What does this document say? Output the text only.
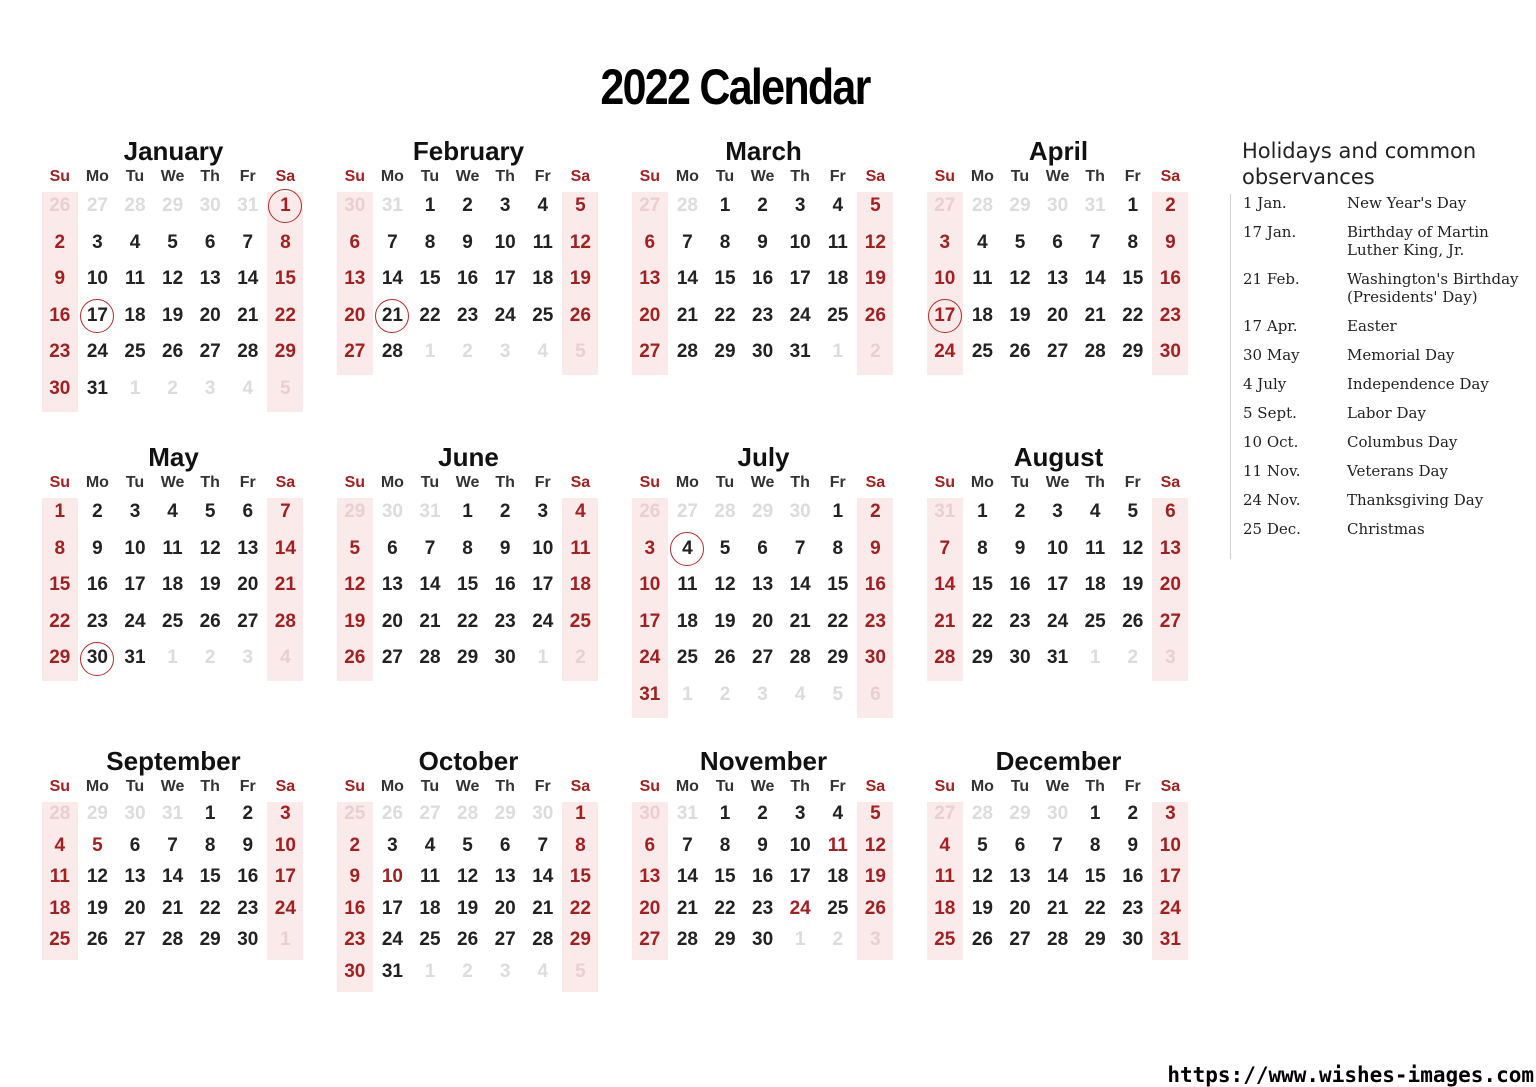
2022 Calendar
January
Su Mo	Tu	We Th	Fr	Sa
26 27 28 29 30 31	1
2	3	4	5	6	7	8
9	10 11 12 13 14 15
16 17 18 19 20 21 22
23 24 25 26 27 28 29
30 31	1	2	3	4	5
February
Su Mo	Tu	We Th	Fr	Sa
30 31	1	2	3	4	5
6	7	8	9	10 11 12
13 14 15 16 17 18 19
20 21 22 23 24 25 26
27 28	1	2	3	4	5
March
Su Mo	Tu	We Th	Fr	Sa
27 28	1	2	3	4	5
6	7	8	9	10 11 12
13 14 15 16 17 18 19
20 21 22 23 24 25 26
27 28 29 30 31	1	2
April
Su Mo	Tu	We Th	Fr	Sa
27 28 29 30 31	1	2
3	4	5	6	7	8	9
10 11 12 13 14 15 16
17 18 19 20 21 22 23
24 25 26 27 28 29 30
May
Su Mo	Tu	We Th	Fr	Sa
1	2	3	4	5	6	7
8	9	10 11 12 13 14
15 16 17 18 19 20 21
22 23 24 25 26 27 28
29 30 31	1	2	3	4
June
Su Mo	Tu	We Th	Fr	Sa
29 30 31	1	2	3	4
5	6	7	8	9	10 11
12 13 14 15 16 17 18
19 20 21 22 23 24 25
26 27 28 29 30	1	2
July
Su Mo	Tu	We Th	Fr	Sa
26 27 28 29 30	1	2
3	4	5	6	7	8	9
10 11 12 13 14 15 16
17 18 19 20 21 22 23
24 25 26 27 28 29 30
31	1	2	3	4	5	6
August
Su Mo	Tu	We Th	Fr	Sa
31	1	2	3	4	5	6
7	8	9	10 11 12 13
14 15 16 17 18 19 20
21 22 23 24 25 26 27
28 29 30 31	1	2	3
September
Su Mo	Tu	We Th	Fr	Sa
28 29 30 31	1	2	3
4	5	6	7	8	9	10
11 12 13 14 15 16 17
18 19 20 21 22 23 24
25 26 27 28 29 30	1
October
Su Mo	Tu	We Th	Fr	Sa
25 26 27 28 29 30	1
2	3	4	5	6	7	8
9	10 11 12 13 14 15
16 17 18 19 20 21 22
23 24 25 26 27 28 29
30 31	1	2	3	4	5
November
Su Mo	Tu	We Th	Fr	Sa
30 31	1	2	3	4	5
6	7	8	9	10 11 12
13 14 15 16 17 18 19
20 21 22 23 24 25 26
27 28 29 30	1	2	3
December
Su Mo	Tu	We Th	Fr	Sa
27 28 29 30	1	2	3
4	5	6	7	8	9	10
11 12 13 14 15 16 17
18 19 20 21 22 23 24
25 26 27 28 29 30 31
Holidays and common observances
1 Jan.	New Year's Day
17 Jan.	Birthday of Martin Luther King, Jr.
21 Feb.	Washington's Birthday (Presidents' Day)
17 Apr.	Easter
30 May	Memorial Day
4 July	Independence Day
5 Sept.	Labor Day
10 Oct.	Columbus Day
11 Nov.	Veterans Day
24 Nov.	Thanksgiving Day
25 Dec.	Christmas
https://www.wishes-images.com
